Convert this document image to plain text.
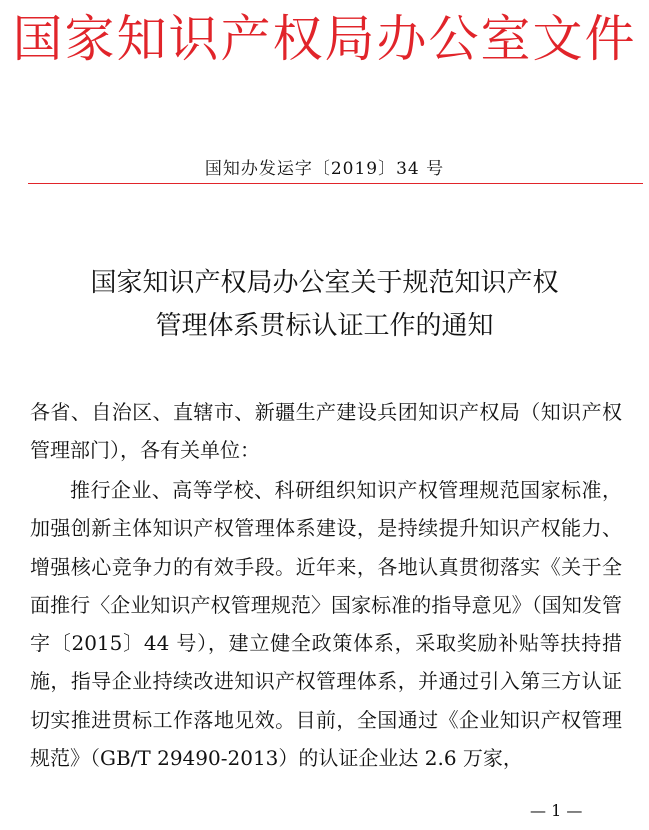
国家知识产权局办公室文件
国知办发运字〔2019〕34 号
国家知识产权局办公室关于规范知识产权
管理体系贯标认证工作的通知

各省、自治区、直辖市、新疆生产建设兵团知识产权局（知识产权管理部门），各有关单位：

推行企业、高等学校、科研组织知识产权管理规范国家标准，加强创新主体知识产权管理体系建设，是持续提升知识产权能力、增强核心竞争力的有效手段。近年来，各地认真贯彻落实《关于全面推行〈企业知识产权管理规范〉国家标准的指导意见》（国知发管字〔2015〕44 号），建立健全政策体系，采取奖励补贴等扶持措施，指导企业持续改进知识产权管理体系，并通过引入第三方认证切实推进贯标工作落地见效。目前，全国通过《企业知识产权管理规范》（GB/T 29490-2013）的认证企业达 2.6 万家，

— 1 —
